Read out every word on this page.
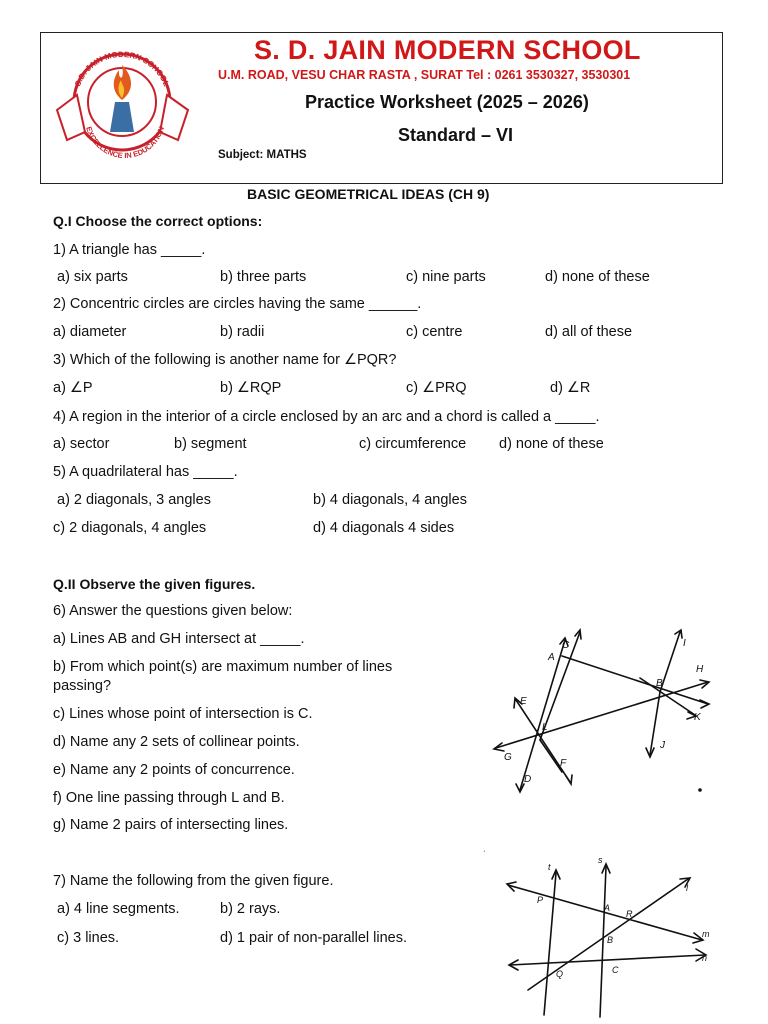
S.D. JAIN MODERN SCHOOL
EXCELLENCE IN EDUCATION
S. D. JAIN MODERN SCHOOL
U.M. ROAD, VESU CHAR RASTA , SURAT Tel : 0261 3530327, 3530301
Practice Worksheet (2025 – 2026)
Standard – VI
Subject: MATHS
BASIC GEOMETRICAL IDEAS (CH 9)
Q.I Choose the correct options:
1) A triangle has _____.
a) six parts	b) three parts	c) nine parts	d) none of these
2) Concentric circles are circles having the same ______.
a) diameter	b) radii	c) centre	d) all of these
3) Which of the following is another name for ∠PQR?
a) ∠P	b) ∠RQP	c) ∠PRQ	d) ∠R
4) A region in the interior of a circle enclosed by an arc and a chord is called a _____.
a) sector	b) segment	c) circumference d) none of these
5) A quadrilateral has _____.
a) 2 diagonals, 3 angles	b) 4 diagonals, 4 angles
c) 2 diagonals, 4 angles	d) 4 diagonals 4 sides
Q.II Observe the given figures.
6) Answer the questions given below:
a) Lines AB and GH intersect at _____.
b) From which point(s) are maximum number of lines
passing?
c) Lines whose point of intersection is C.
d) Name any 2 sets of collinear points.
e) Name any 2 points of concurrence.
f) One line passing through L and B.
g) Name 2 pairs of intersecting lines.
7) Name the following from the given figure.
a) 4 line segments.	b) 2 rays.
c) 3 lines.	d) 1 pair of non-parallel lines.
A
C	I
H
B
K
J
E
L
G
D
F
ˈ
t
s
l
P
A
R
m
B
n
Q	C
